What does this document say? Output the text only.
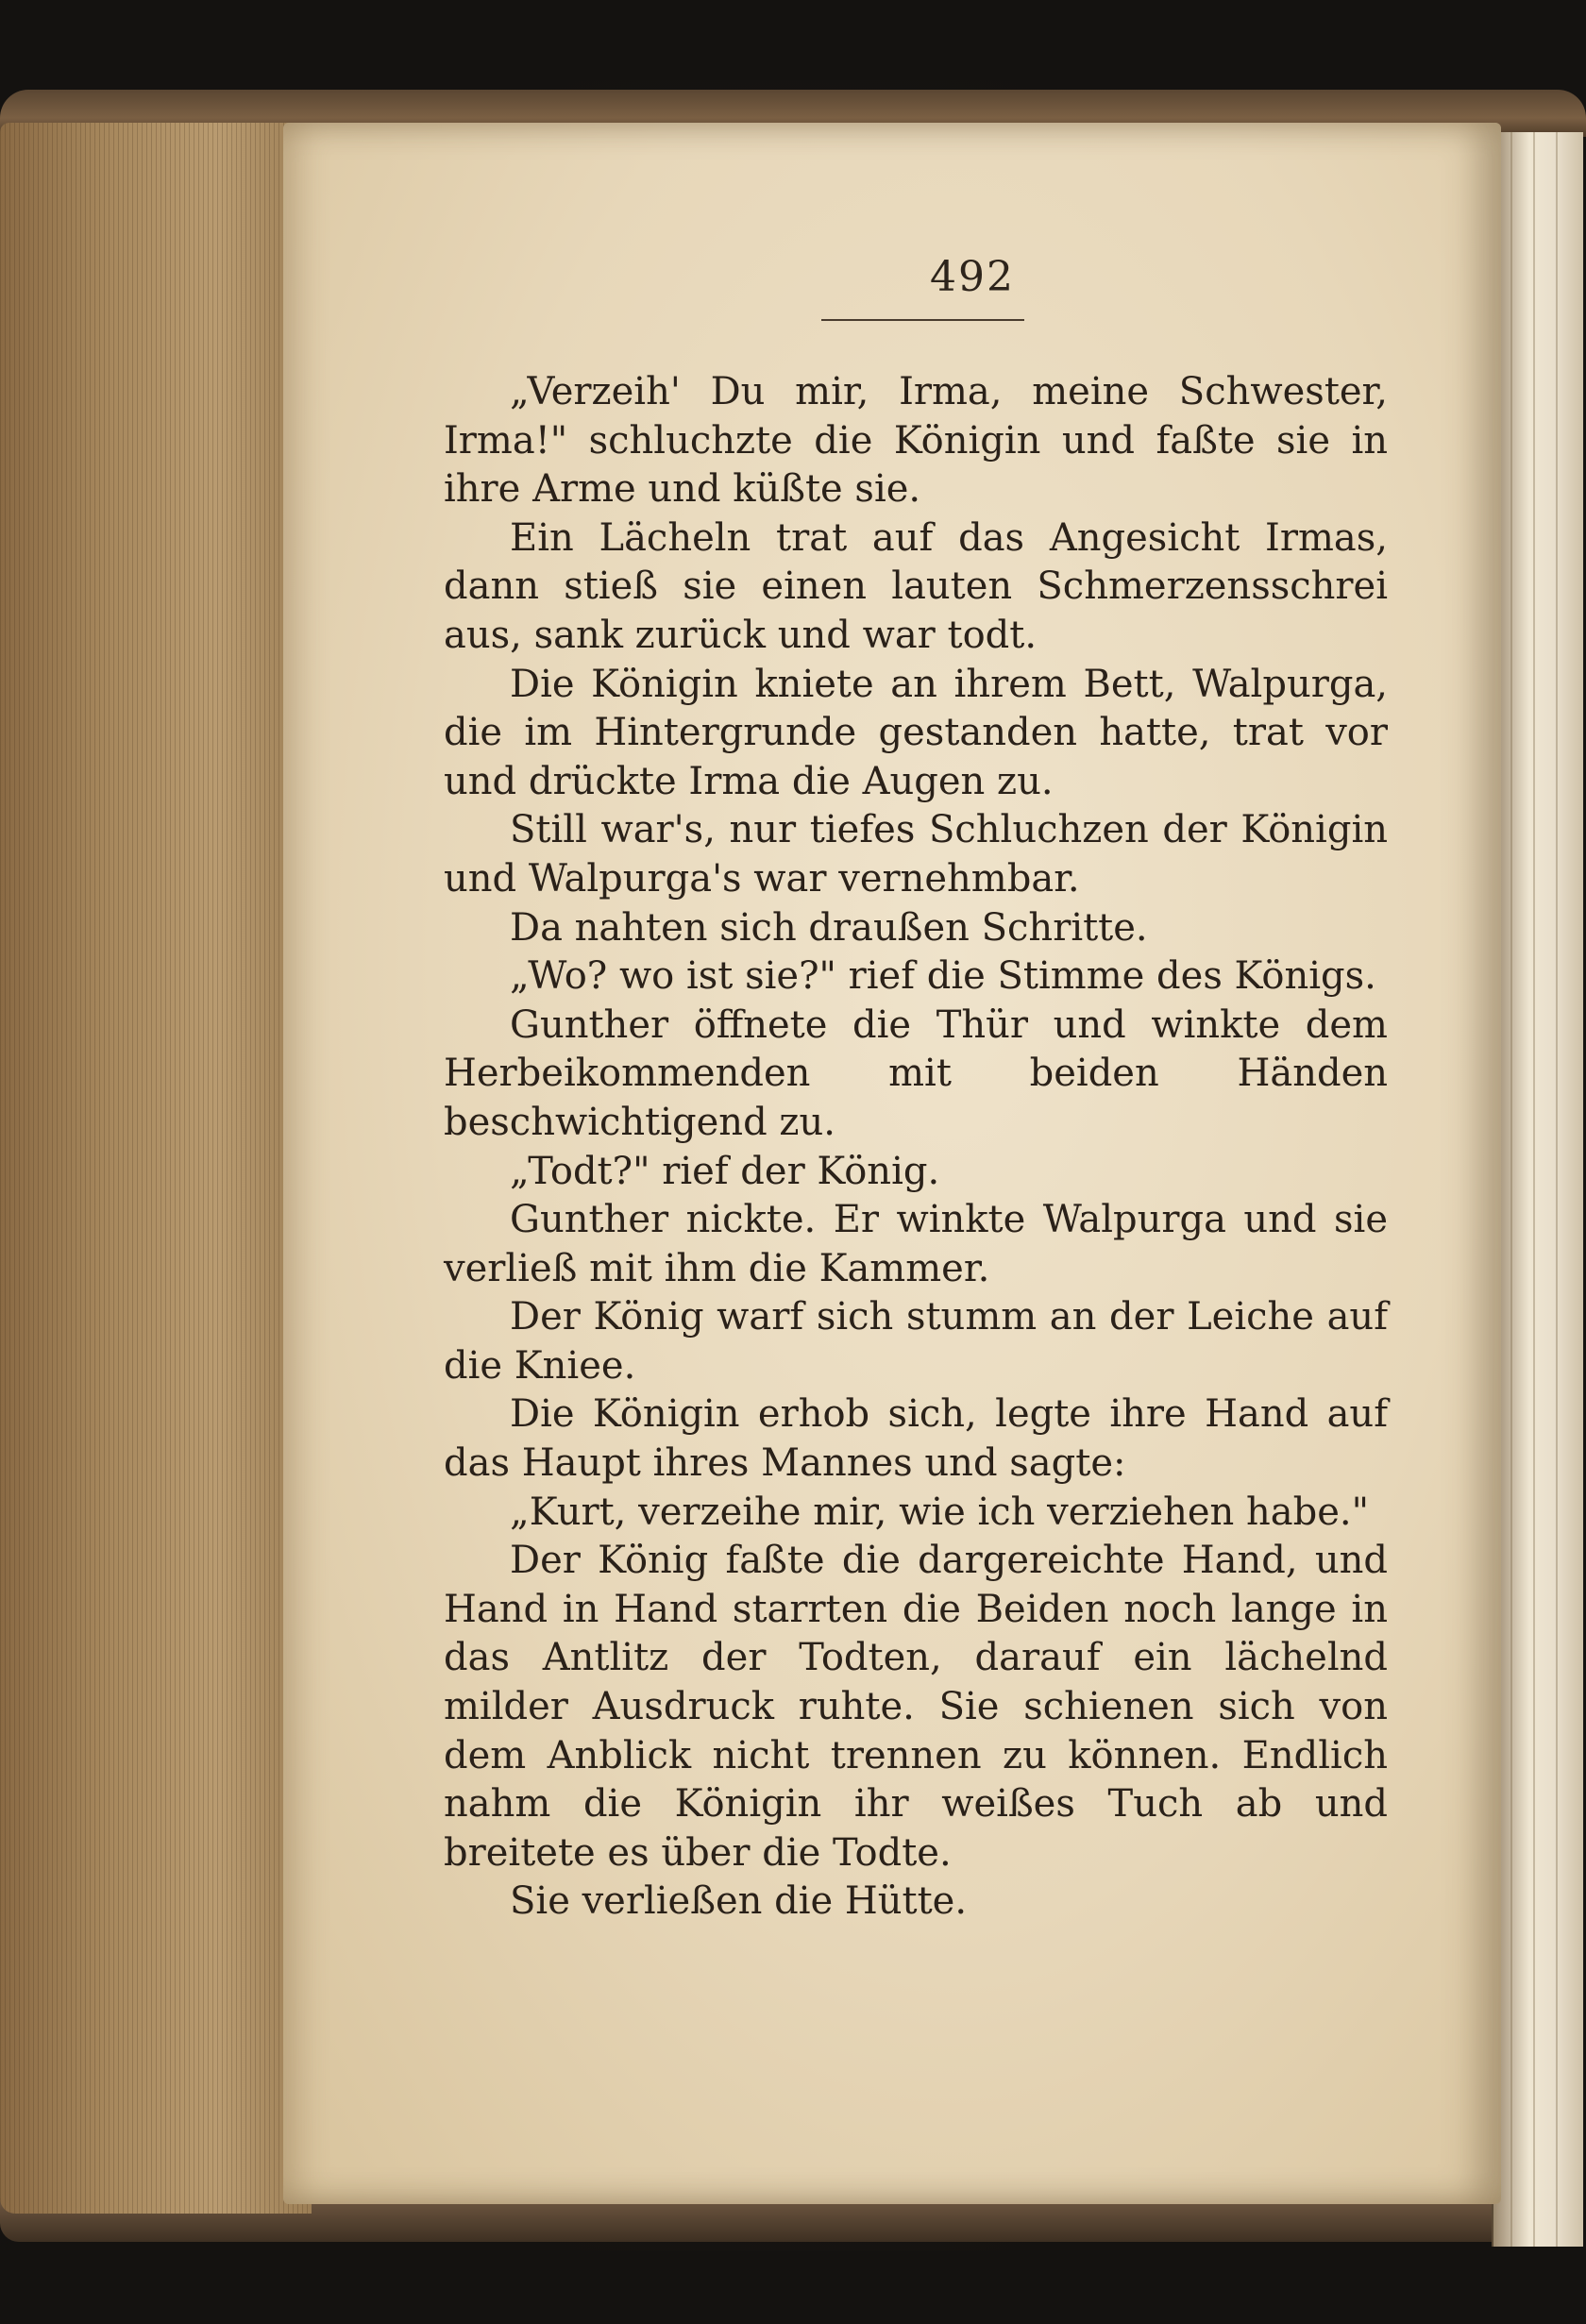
492

„Verzeih' Du mir, Irma, meine Schwester, Irma!" schluchzte die Königin und faßte sie in ihre Arme und küßte sie.

Ein Lächeln trat auf das Angesicht Irmas, dann stieß sie einen lauten Schmerzensschrei aus, sank zurück und war todt.

Die Königin kniete an ihrem Bett, Walpurga, die im Hintergrunde gestanden hatte, trat vor und drückte Irma die Augen zu.

Still war's, nur tiefes Schluchzen der Königin und Walpurga's war vernehmbar.

Da nahten sich draußen Schritte.

„Wo? wo ist sie?" rief die Stimme des Königs.

Gunther öffnete die Thür und winkte dem Herbeikommenden mit beiden Händen beschwichtigend zu.

„Todt?" rief der König.

Gunther nickte. Er winkte Walpurga und sie verließ mit ihm die Kammer.

Der König warf sich stumm an der Leiche auf die Kniee.

Die Königin erhob sich, legte ihre Hand auf das Haupt ihres Mannes und sagte:

„Kurt, verzeihe mir, wie ich verziehen habe."

Der König faßte die dargereichte Hand, und Hand in Hand starrten die Beiden noch lange in das Antlitz der Todten, darauf ein lächelnd milder Ausdruck ruhte. Sie schienen sich von dem Anblick nicht trennen zu können. Endlich nahm die Königin ihr weißes Tuch ab und breitete es über die Todte.

Sie verließen die Hütte.
